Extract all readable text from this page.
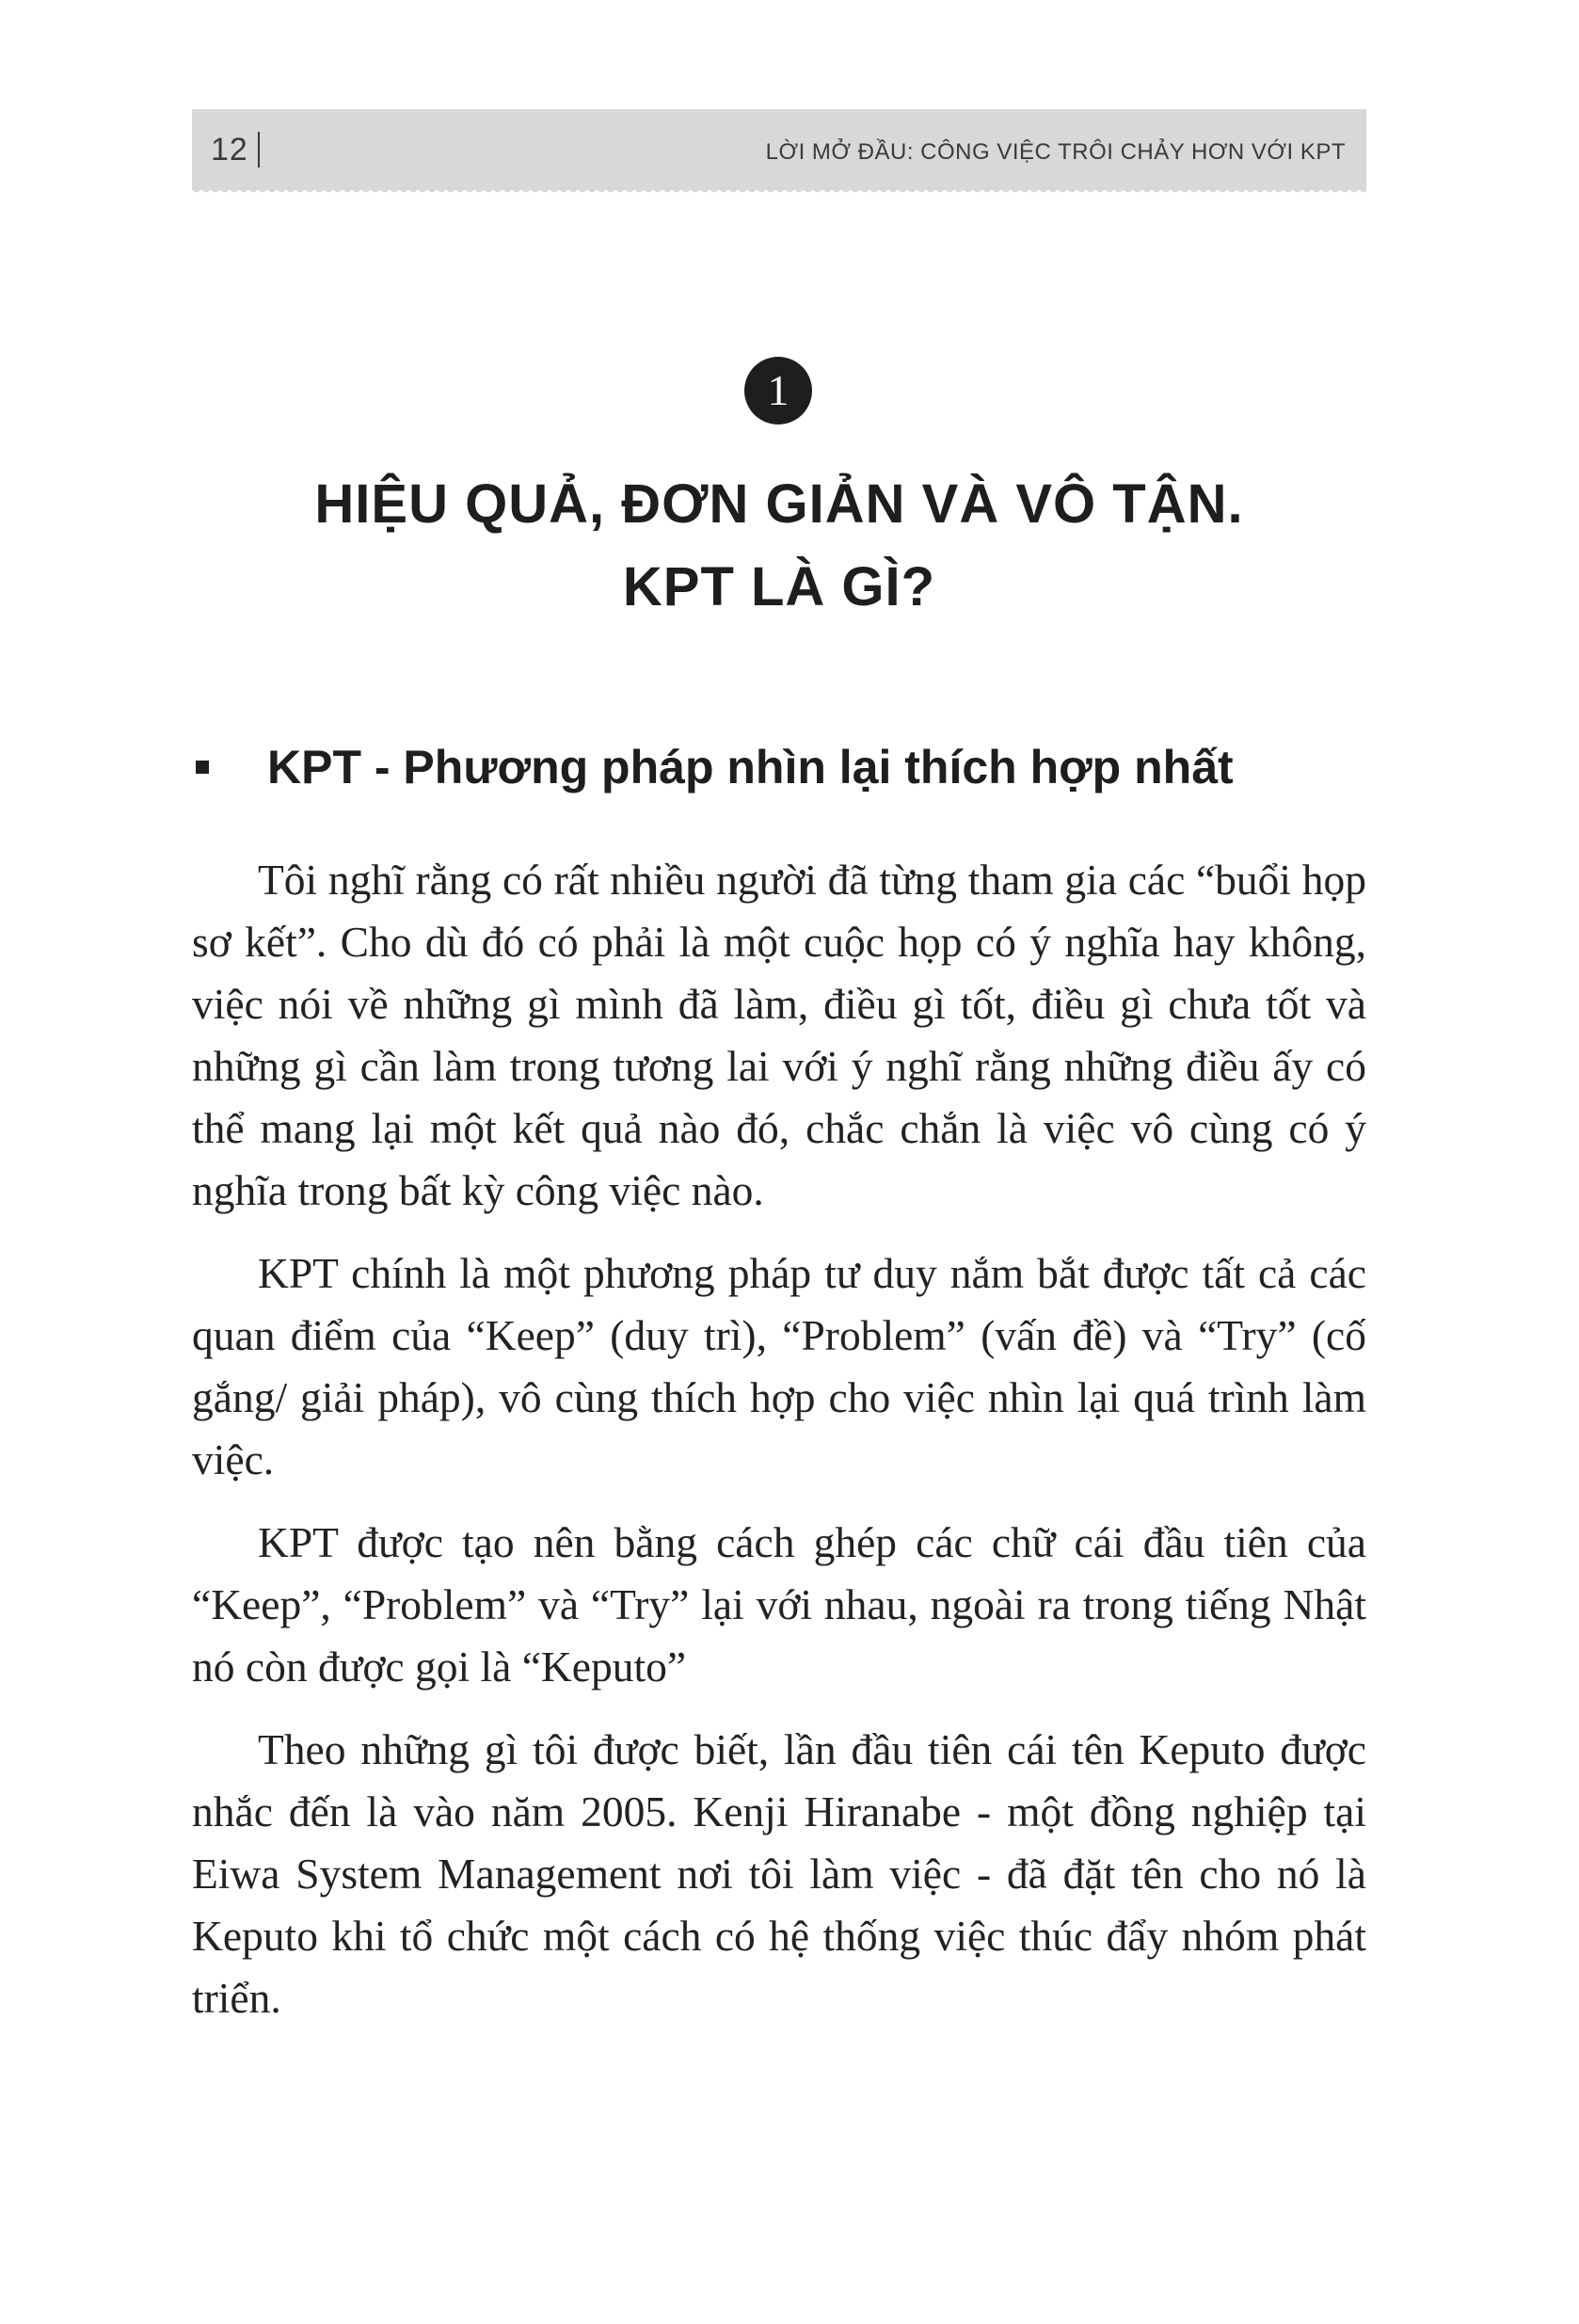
12	LỜI MỞ ĐẦU: CÔNG VIỆC TRÔI CHẢY HƠN VỚI KPT
1
HIỆU QUẢ, ĐƠN GIẢN VÀ VÔ TẬN.
KPT LÀ GÌ?
KPT - Phương pháp nhìn lại thích hợp nhất

Tôi nghĩ rằng có rất nhiều người đã từng tham gia các “buổi họp sơ kết”. Cho dù đó có phải là một cuộc họp có ý nghĩa hay không, việc nói về những gì mình đã làm, điều gì tốt, điều gì chưa tốt và những gì cần làm trong tương lai với ý nghĩ rằng những điều ấy có thể mang lại một kết quả nào đó, chắc chắn là việc vô cùng có ý nghĩa trong bất kỳ công việc nào.

KPT chính là một phương pháp tư duy nắm bắt được tất cả các quan điểm của “Keep” (duy trì), “Problem” (vấn đề) và “Try” (cố gắng/ giải pháp), vô cùng thích hợp cho việc nhìn lại quá trình làm việc.

KPT được tạo nên bằng cách ghép các chữ cái đầu tiên của “Keep”, “Problem” và “Try” lại với nhau, ngoài ra trong tiếng Nhật nó còn được gọi là “Keputo”

Theo những gì tôi được biết, lần đầu tiên cái tên Keputo được nhắc đến là vào năm 2005. Kenji Hiranabe - một đồng nghiệp tại Eiwa System Management nơi tôi làm việc - đã đặt tên cho nó là Keputo khi tổ chức một cách có hệ thống việc thúc đẩy nhóm phát triển.
